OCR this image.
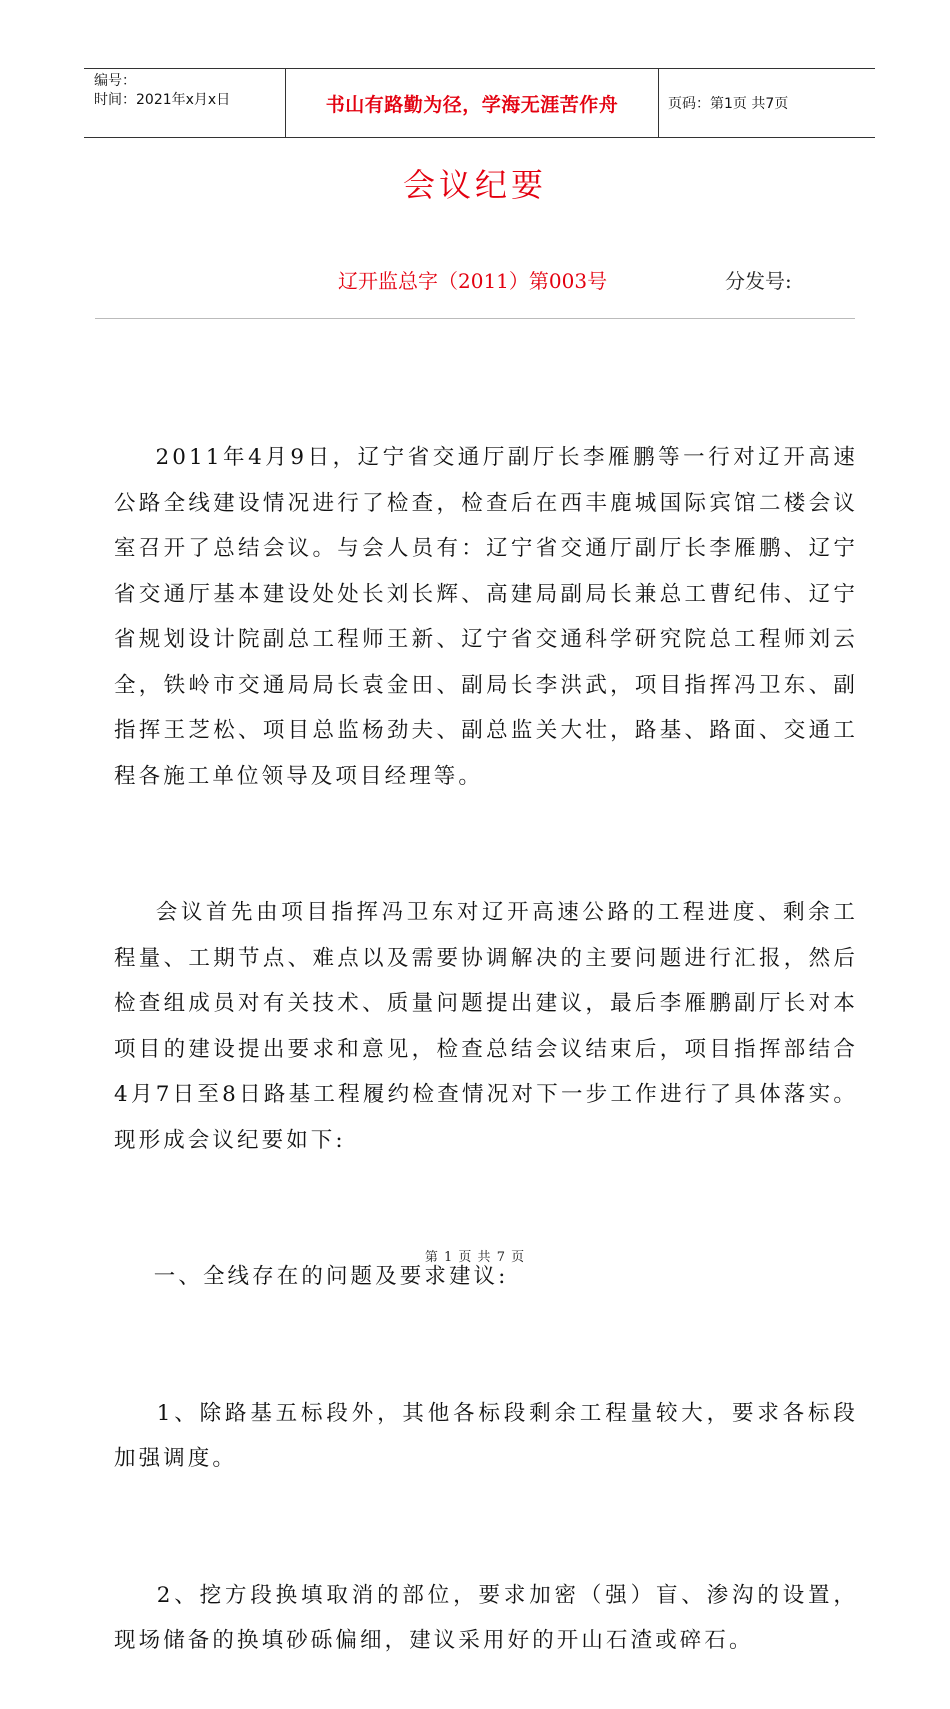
编号：
时间：2021年x月x日	书山有路勤为径，学海无涯苦作舟	页码：第1页 共7页
会议纪要
辽开监总字（2011）第003号	分发号:

2011年4月9日，辽宁省交通厅副厅长李雁鹏等一行对辽开高速公路全线建设情况进行了检查，检查后在西丰鹿城国际宾馆二楼会议室召开了总结会议。与会人员有：辽宁省交通厅副厅长李雁鹏、辽宁省交通厅基本建设处处长刘长辉、高建局副局长兼总工曹纪伟、辽宁省规划设计院副总工程师王新、辽宁省交通科学研究院总工程师刘云全，铁岭市交通局局长袁金田、副局长李洪武，项目指挥冯卫东、副指挥王芝松、项目总监杨劲夫、副总监关大壮，路基、路面、交通工程各施工单位领导及项目经理等。

会议首先由项目指挥冯卫东对辽开高速公路的工程进度、剩余工程量、工期节点、难点以及需要协调解决的主要问题进行汇报，然后检查组成员对有关技术、质量问题提出建议，最后李雁鹏副厅长对本项目的建设提出要求和意见，检查总结会议结束后，项目指挥部结合4月7日至8日路基工程履约检查情况对下一步工作进行了具体落实。现形成会议纪要如下:

一、全线存在的问题及要求建议:

1、除路基五标段外，其他各标段剩余工程量较大，要求各标段加强调度。

2、挖方段换填取消的部位，要求加密（强）盲、渗沟的设置，现场储备的换填砂砾偏细，建议采用好的开山石渣或碎石。

第 1 页 共 7 页
